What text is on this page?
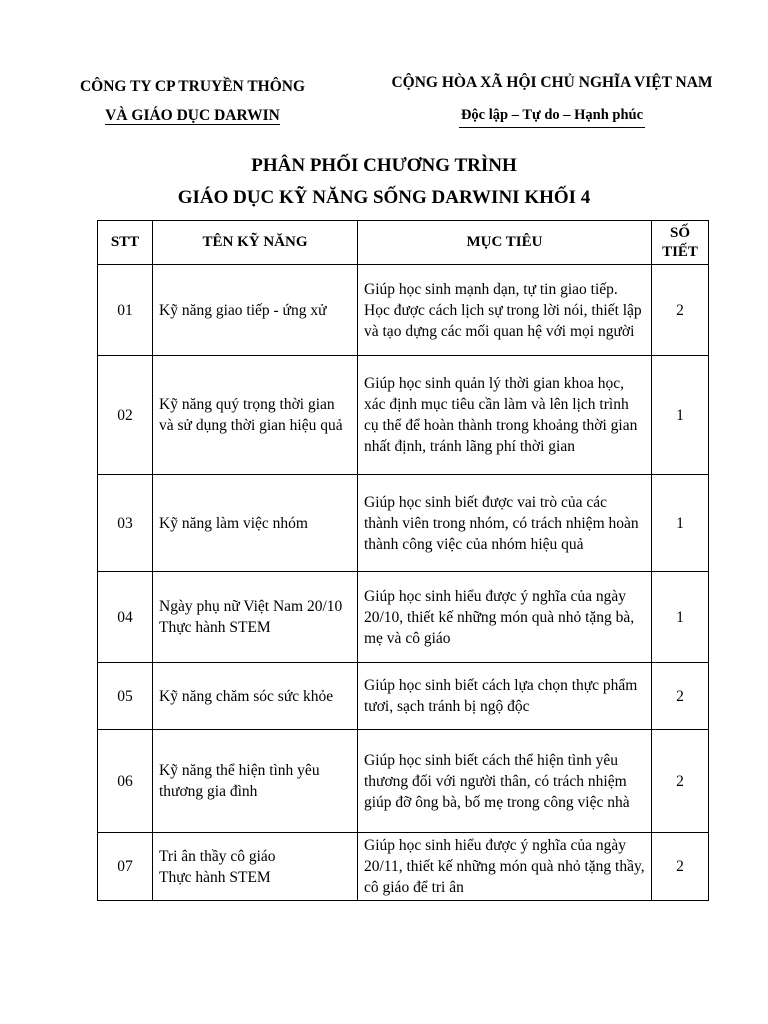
CÔNG TY CP TRUYỀN THÔNG
VÀ GIÁO DỤC DARWIN
CỘNG HÒA XÃ HỘI CHỦ NGHĨA VIỆT NAM
Độc lập – Tự do – Hạnh phúc
PHÂN PHỐI CHƯƠNG TRÌNH
GIÁO DỤC KỸ NĂNG SỐNG DARWINI KHỐI 4
STT	TÊN KỸ NĂNG	MỤC TIÊU	SỐ TIẾT
01	Kỹ năng giao tiếp - ứng xử	Giúp học sinh mạnh dạn, tự tin giao tiếp. Học được cách lịch sự trong lời nói, thiết lập và tạo dựng các mối quan hệ với mọi người	2
02	Kỹ năng quý trọng thời gian và sử dụng thời gian hiệu quả	Giúp học sinh quản lý thời gian khoa học, xác định mục tiêu cần làm và lên lịch trình cụ thể để hoàn thành trong khoảng thời gian nhất định, tránh lãng phí thời gian	1
03	Kỹ năng làm việc nhóm	Giúp học sinh biết được vai trò của các thành viên trong nhóm, có trách nhiệm hoàn thành công việc của nhóm hiệu quả	1
04	Ngày phụ nữ Việt Nam 20/10
Thực hành STEM	Giúp học sinh hiểu được ý nghĩa của ngày 20/10, thiết kế những món quà nhỏ tặng bà, mẹ và cô giáo	1
05	Kỹ năng chăm sóc sức khỏe	Giúp học sinh biết cách lựa chọn thực phẩm tươi, sạch tránh bị ngộ độc	2
06	Kỹ năng thể hiện tình yêu thương gia đình	Giúp học sinh biết cách thể hiện tình yêu thương đối với người thân, có trách nhiệm giúp đỡ ông bà, bố mẹ trong công việc nhà	2
07	Tri ân thầy cô giáo
Thực hành STEM	Giúp học sinh hiểu được ý nghĩa của ngày 20/11, thiết kế những món quà nhỏ tặng thầy, cô giáo để tri ân	2
